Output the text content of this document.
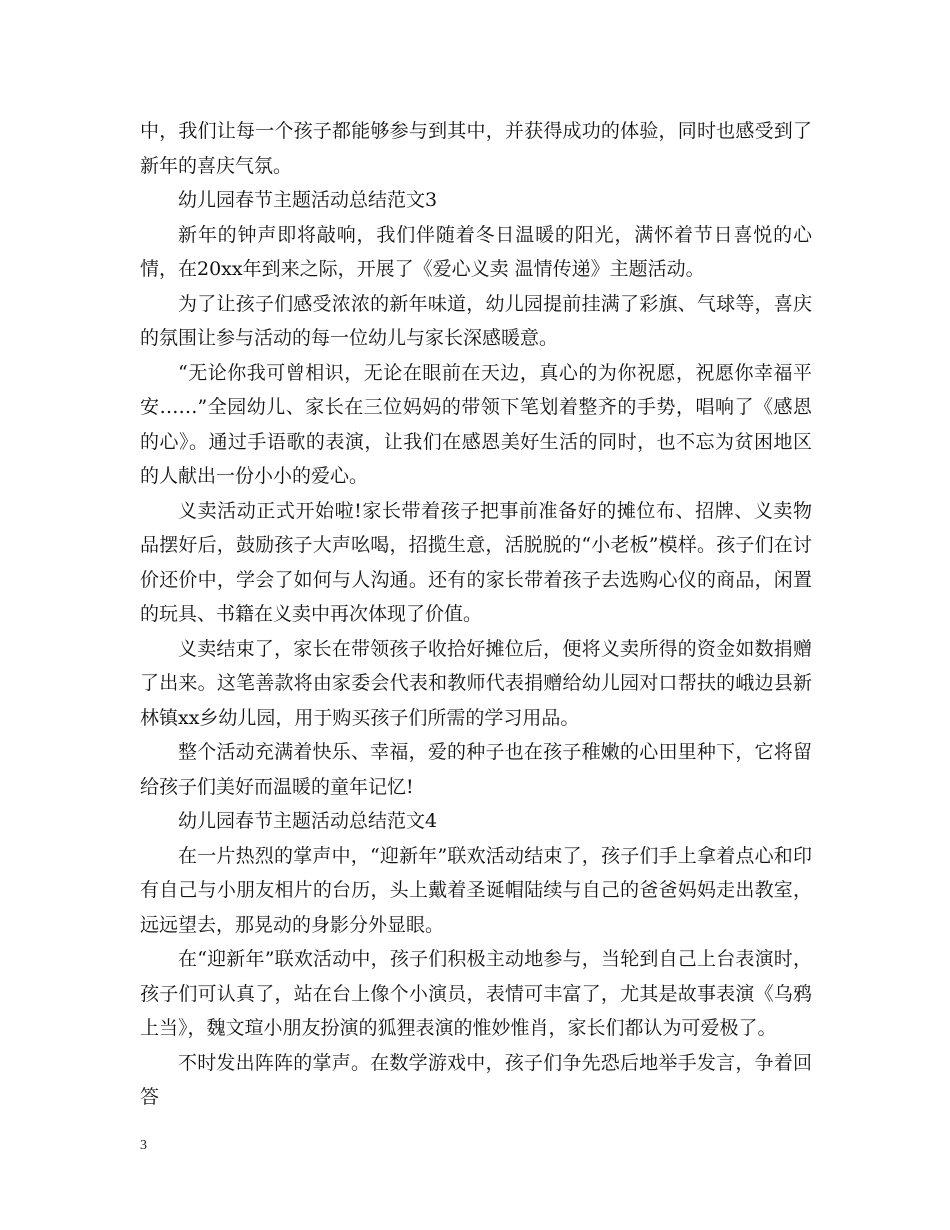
中，我们让每一个孩子都能够参与到其中，并获得成功的体验，同时也感受到了新年的喜庆气氛。

幼儿园春节主题活动总结范文3

新年的钟声即将敲响，我们伴随着冬日温暖的阳光，满怀着节日喜悦的心情，在20xx年到来之际，开展了《爱心义卖 温情传递》主题活动。

为了让孩子们感受浓浓的新年味道，幼儿园提前挂满了彩旗、气球等，喜庆的氛围让参与活动的每一位幼儿与家长深感暖意。

“无论你我可曾相识，无论在眼前在天边，真心的为你祝愿，祝愿你幸福平安……”全园幼儿、家长在三位妈妈的带领下笔划着整齐的手势，唱响了《感恩的心》。通过手语歌的表演，让我们在感恩美好生活的同时，也不忘为贫困地区的人献出一份小小的爱心。

义卖活动正式开始啦!家长带着孩子把事前准备好的摊位布、招牌、义卖物品摆好后，鼓励孩子大声吆喝，招揽生意，活脱脱的“小老板”模样。孩子们在讨价还价中，学会了如何与人沟通。还有的家长带着孩子去选购心仪的商品，闲置的玩具、书籍在义卖中再次体现了价值。

义卖结束了，家长在带领孩子收拾好摊位后，便将义卖所得的资金如数捐赠了出来。这笔善款将由家委会代表和教师代表捐赠给幼儿园对口帮扶的峨边县新林镇xx乡幼儿园，用于购买孩子们所需的学习用品。

整个活动充满着快乐、幸福，爱的种子也在孩子稚嫩的心田里种下，它将留给孩子们美好而温暖的童年记忆!

幼儿园春节主题活动总结范文4

在一片热烈的掌声中，“迎新年”联欢活动结束了，孩子们手上拿着点心和印有自己与小朋友相片的台历，头上戴着圣诞帽陆续与自己的爸爸妈妈走出教室，远远望去，那晃动的身影分外显眼。

在“迎新年”联欢活动中，孩子们积极主动地参与，当轮到自己上台表演时，孩子们可认真了，站在台上像个小演员，表情可丰富了，尤其是故事表演《乌鸦上当》，魏文瑄小朋友扮演的狐狸表演的惟妙惟肖，家长们都认为可爱极了。

不时发出阵阵的掌声。在数学游戏中，孩子们争先恐后地举手发言，争着回答

3
